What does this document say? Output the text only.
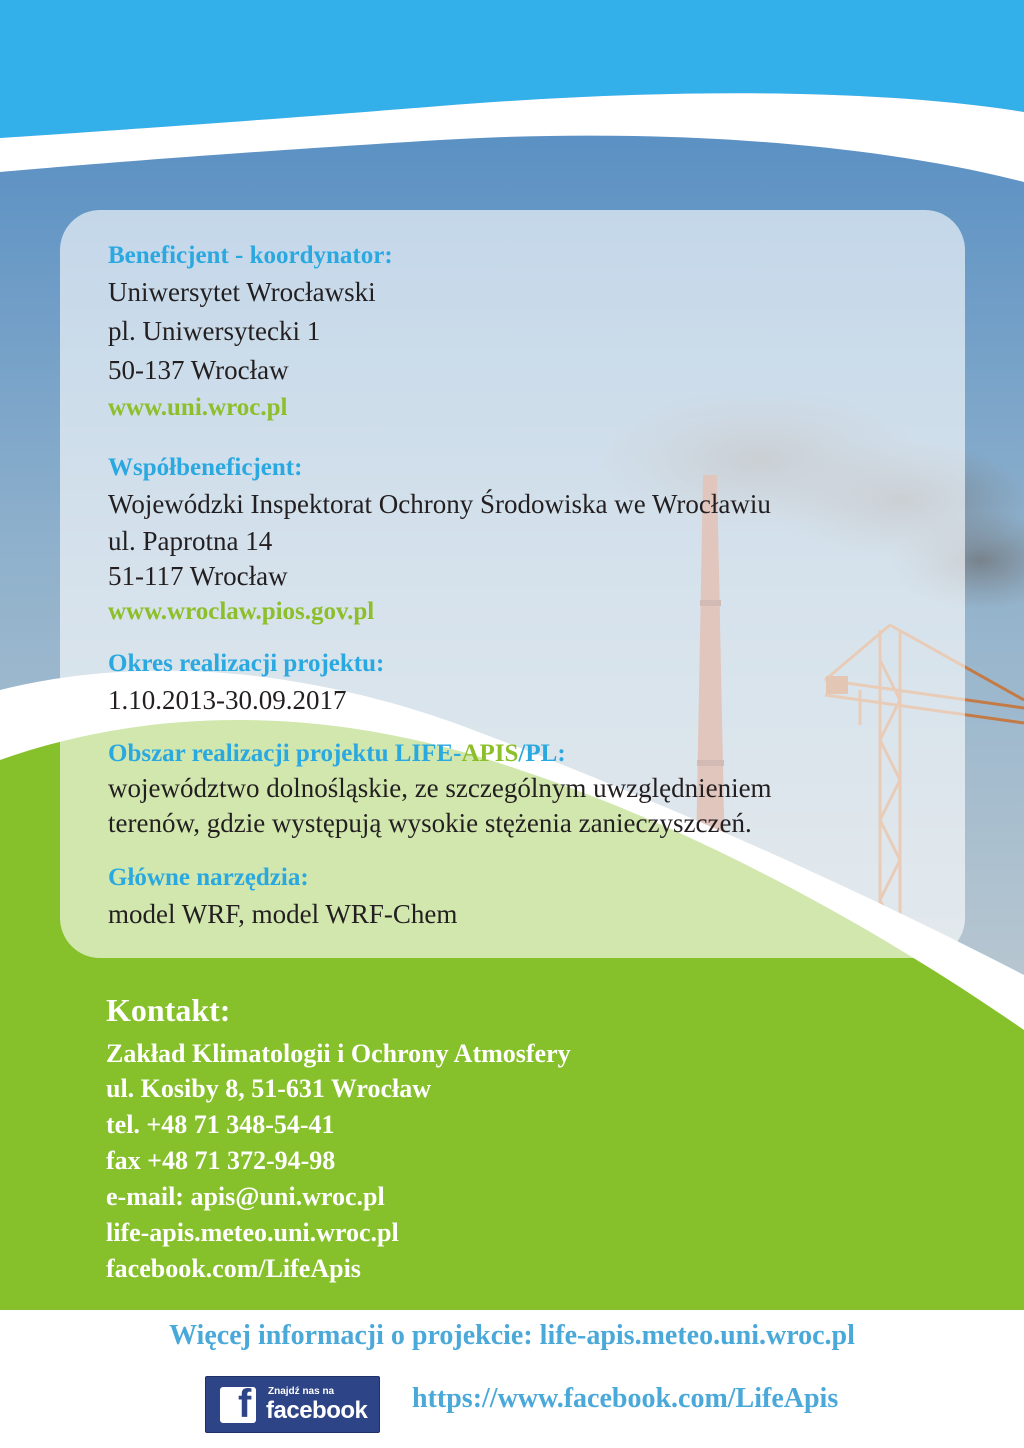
Beneficjent - koordynator:
Uniwersytet Wrocławski
pl. Uniwersytecki 1
50-137 Wrocław
www.uni.wroc.pl
Współbeneficjent:
Wojewódzki Inspektorat Ochrony Środowiska we Wrocławiu
ul. Paprotna 14
51-117 Wrocław
www.wroclaw.pios.gov.pl
Okres realizacji projektu:
1.10.2013-30.09.2017
Obszar realizacji projektu LIFE-APIS/PL:
województwo dolnośląskie, ze szczególnym uwzględnieniem
terenów, gdzie występują wysokie stężenia zanieczyszczeń.
Główne narzędzia:
model WRF, model WRF-Chem
Kontakt:
Zakład Klimatologii i Ochrony Atmosfery
ul. Kosiby 8, 51-631 Wrocław
tel. +48 71 348-54-41
fax +48 71 372-94-98
e-mail: apis@uni.wroc.pl
life-apis.meteo.uni.wroc.pl
facebook.com/LifeApis
Więcej informacji o projekcie: life-apis.meteo.uni.wroc.pl
f Znajdź nas na
facebook https://www.facebook.com/LifeApis
